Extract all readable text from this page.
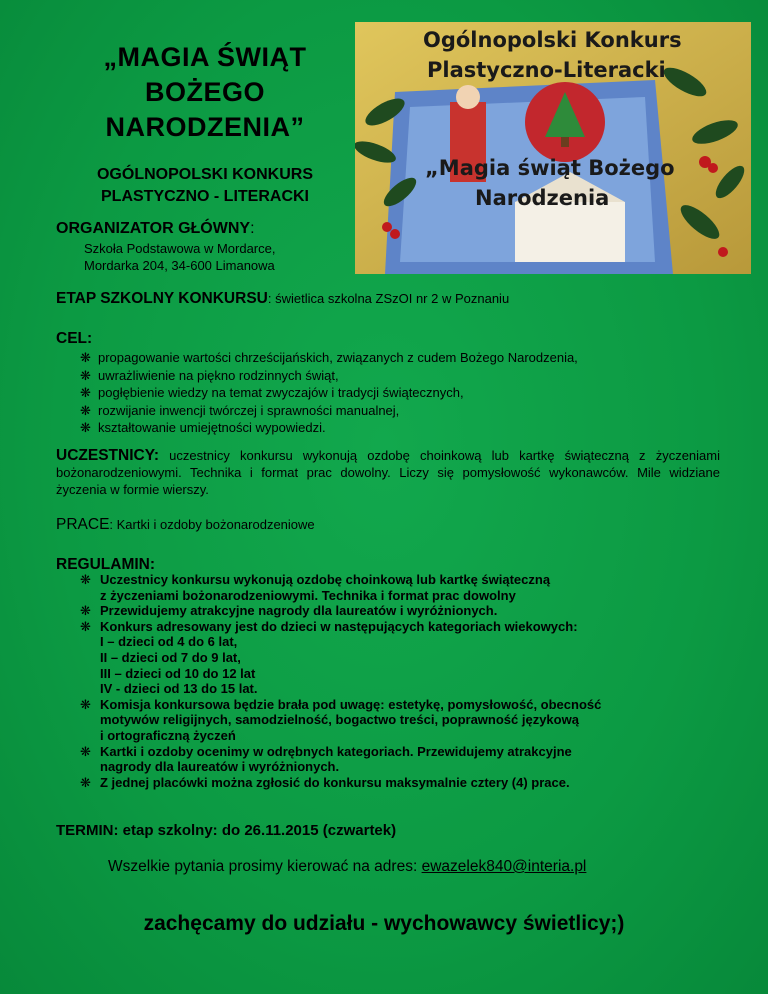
„MAGIA ŚWIĄT
BOŻEGO
NARODZENIA”
OGÓLNOPOLSKI KONKURS
PLASTYCZNO - LITERACKI
ORGANIZATOR GŁÓWNY:
Szkoła Podstawowa w Mordarce,
Mordarka 204, 34-600 Limanowa
Ogólnopolski Konkurs
Plastyczno-Literacki
„Magia świąt Bożego
Narodzenia
ETAP SZKOLNY KONKURSU: świetlica szkolna ZSzOI nr 2 w Poznaniu
CEL:
❋ propagowanie wartości chrześcijańskich, związanych z cudem Bożego Narodzenia,
❋ uwrażliwienie na piękno rodzinnych świąt,
❋ pogłębienie wiedzy na temat zwyczajów i tradycji świątecznych,
❋ rozwijanie inwencji twórczej i sprawności manualnej,
❋ kształtowanie umiejętności wypowiedzi.
UCZESTNICY: uczestnicy konkursu wykonują ozdobę choinkową lub kartkę świąteczną z życzeniami bożonarodzeniowymi. Technika i format prac dowolny. Liczy się pomysłowość wykonawców. Mile widziane życzenia w formie wierszy.
PRACE: Kartki i ozdoby bożonarodzeniowe
REGULAMIN:
❋ Uczestnicy konkursu wykonują ozdobę choinkową lub kartkę świąteczną
z życzeniami bożonarodzeniowymi. Technika i format prac dowolny
❋ Przewidujemy atrakcyjne nagrody dla laureatów i wyróżnionych.
❋ Konkurs adresowany jest do dzieci w następujących kategoriach wiekowych:
I – dzieci od 4 do 6 lat,
II – dzieci od 7 do 9 lat,
III – dzieci od 10 do 12 lat
IV - dzieci od 13 do 15 lat.
❋ Komisja konkursowa będzie brała pod uwagę: estetykę, pomysłowość, obecność
motywów religijnych, samodzielność, bogactwo treści, poprawność językową
i ortograficzną życzeń
❋ Kartki i ozdoby ocenimy w odrębnych kategoriach. Przewidujemy atrakcyjne
nagrody dla laureatów i wyróżnionych.
❋ Z jednej placówki można zgłosić do konkursu maksymalnie cztery (4) prace.
TERMIN: etap szkolny: do 26.11.2015 (czwartek)
Wszelkie pytania prosimy kierować na adres: ewazelek840@interia.pl
zachęcamy do udziału - wychowawcy świetlicy;)
